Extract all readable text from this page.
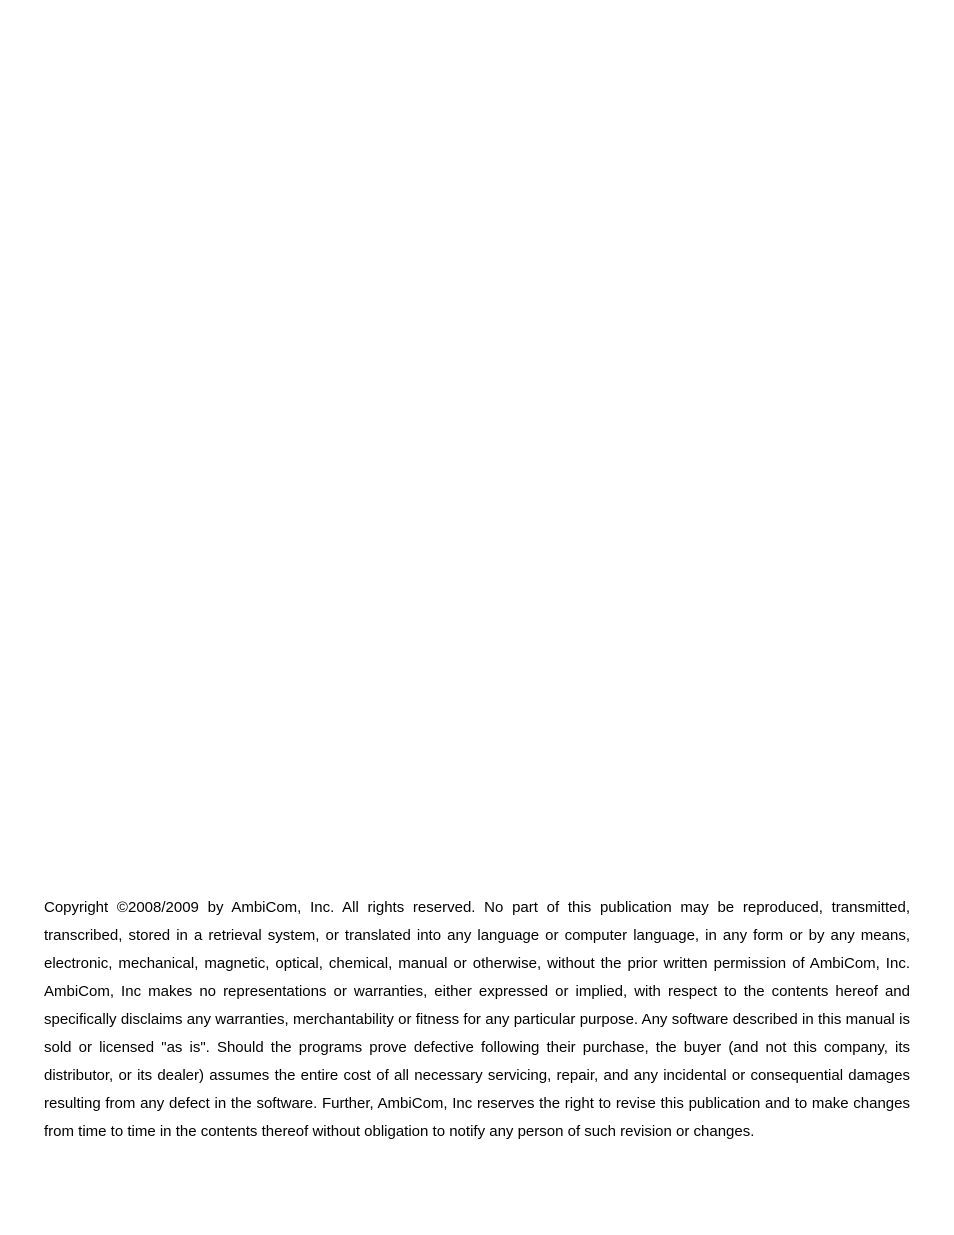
Copyright ©2008/2009 by AmbiCom, Inc. All rights reserved. No part of this publication may be reproduced, transmitted, transcribed, stored in a retrieval system, or translated into any language or computer language, in any form or by any means, electronic, mechanical, magnetic, optical, chemical, manual or otherwise, without the prior written permission of AmbiCom, Inc. AmbiCom, Inc makes no representations or warranties, either expressed or implied, with respect to the contents hereof and specifically disclaims any warranties, merchantability or fitness for any particular purpose. Any software described in this manual is sold or licensed "as is". Should the programs prove defective following their purchase, the buyer (and not this company, its distributor, or its dealer) assumes the entire cost of all necessary servicing, repair, and any incidental or consequential damages resulting from any defect in the software. Further, AmbiCom, Inc reserves the right to revise this publication and to make changes from time to time in the contents thereof without obligation to notify any person of such revision or changes.
